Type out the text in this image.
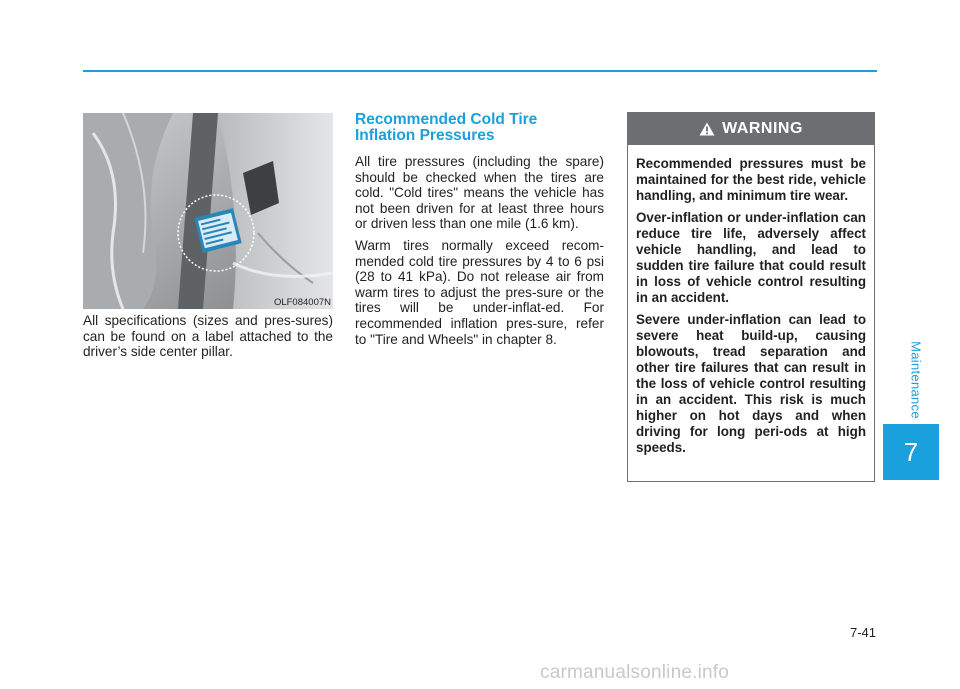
OLF084007N
All specifications (sizes and pres-sures) can be found on a label attached to the driver’s side center pillar.
Recommended Cold Tire
Inflation Pressures

All tire pressures (including the spare) should be checked when the tires are cold. "Cold tires" means the vehicle has not been driven for at least three hours or driven less than one mile (1.6 km).

Warm tires normally exceed recom-mended cold tire pressures by 4 to 6 psi (28 to 41 kPa). Do not release air from warm tires to adjust the pres-sure or the tires will be under-inflat-ed. For recommended inflation pres-sure, refer to "Tire and Wheels" in chapter 8.

WARNING

Recommended pressures must be maintained for the best ride, vehicle handling, and minimum tire wear.

Over-inflation or under-inflation can reduce tire life, adversely affect vehicle handling, and lead to sudden tire failure that could result in loss of vehicle control resulting in an accident.

Severe under-inflation can lead to severe heat build-up, causing blowouts, tread separation and other tire failures that can result in the loss of vehicle control resulting in an accident. This risk is much higher on hot days and when driving for long peri-ods at high speeds.

Maintenance
7
7-41
carmanualsonline.info
